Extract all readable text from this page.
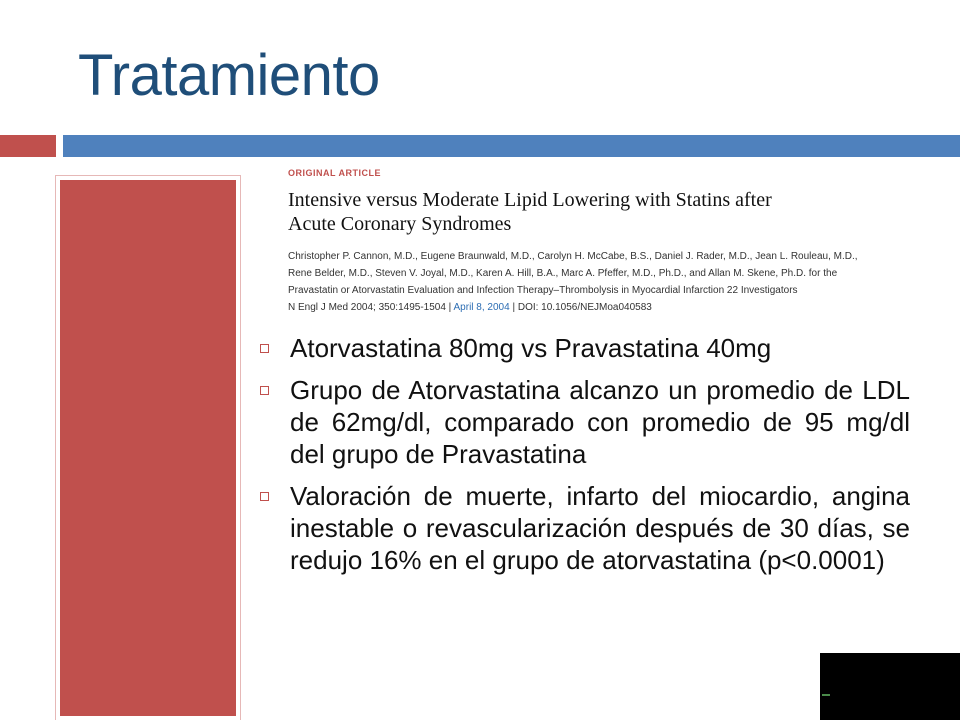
Tratamiento
ORIGINAL ARTICLE
Intensive versus Moderate Lipid Lowering with Statins after
Acute Coronary Syndromes
Christopher P. Cannon, M.D., Eugene Braunwald, M.D., Carolyn H. McCabe, B.S., Daniel J. Rader, M.D., Jean L. Rouleau, M.D.,
Rene Belder, M.D., Steven V. Joyal, M.D., Karen A. Hill, B.A., Marc A. Pfeffer, M.D., Ph.D., and Allan M. Skene, Ph.D. for the
Pravastatin or Atorvastatin Evaluation and Infection Therapy–Thrombolysis in Myocardial Infarction 22 Investigators
N Engl J Med 2004; 350:1495-1504 | April 8, 2004 | DOI: 10.1056/NEJMoa040583
Atorvastatina 80mg vs Pravastatina 40mg
Grupo de Atorvastatina alcanzo un promedio de LDL de 62mg/dl, comparado con promedio de 95 mg/dl del grupo de Pravastatina
Valoración de muerte, infarto del miocardio, angina inestable o revascularización después de 30 días, se redujo 16% en el grupo de atorvastatina (p<0.0001)
